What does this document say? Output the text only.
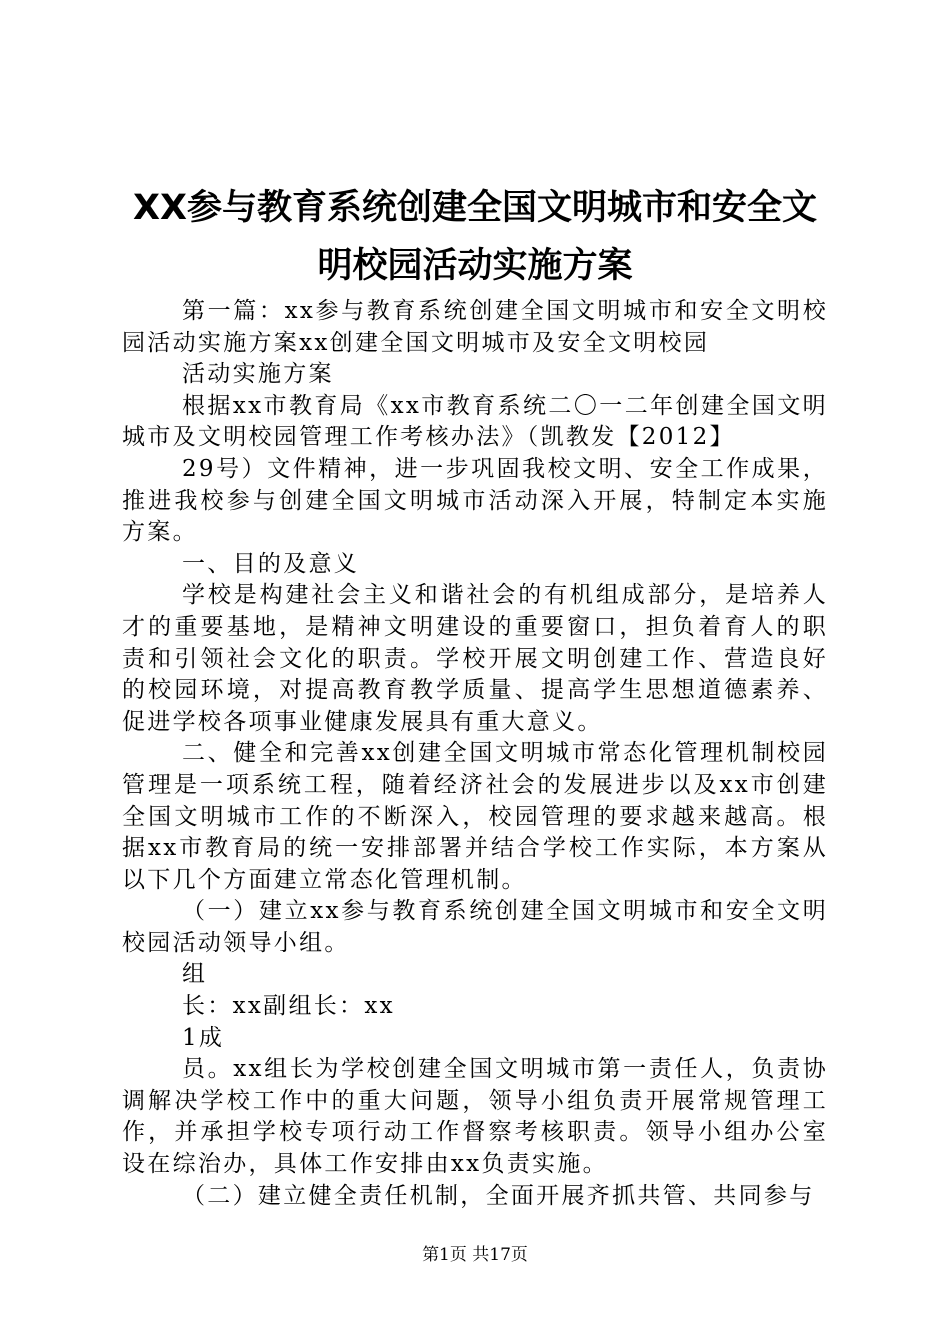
XX参与教育系统创建全国文明城市和安全文
明校园活动实施方案

第一篇：xx参与教育系统创建全国文明城市和安全文明校园活动实施方案xx创建全国文明城市及安全文明校园

活动实施方案

根据xx市教育局《xx市教育系统二〇一二年创建全国文明城市及文明校园管理工作考核办法》（凯教发【2012】

29号）文件精神，进一步巩固我校文明、安全工作成果，推进我校参与创建全国文明城市活动深入开展，特制定本实施方案。

一、目的及意义

学校是构建社会主义和谐社会的有机组成部分，是培养人才的重要基地，是精神文明建设的重要窗口，担负着育人的职责和引领社会文化的职责。学校开展文明创建工作、营造良好的校园环境，对提高教育教学质量、提高学生思想道德素养、促进学校各项事业健康发展具有重大意义。

二、健全和完善xx创建全国文明城市常态化管理机制校园管理是一项系统工程，随着经济社会的发展进步以及xx市创建全国文明城市工作的不断深入，校园管理的要求越来越高。根据xx市教育局的统一安排部署并结合学校工作实际，本方案从以下几个方面建立常态化管理机制。

（一）建立xx参与教育系统创建全国文明城市和安全文明校园活动领导小组。

组

长：xx副组长：xx

1成

员。xx组长为学校创建全国文明城市第一责任人，负责协调解决学校工作中的重大问题，领导小组负责开展常规管理工作，并承担学校专项行动工作督察考核职责。领导小组办公室设在综治办，具体工作安排由xx负责实施。

（二）建立健全责任机制，全面开展齐抓共管、共同参与

第1页 共17页
